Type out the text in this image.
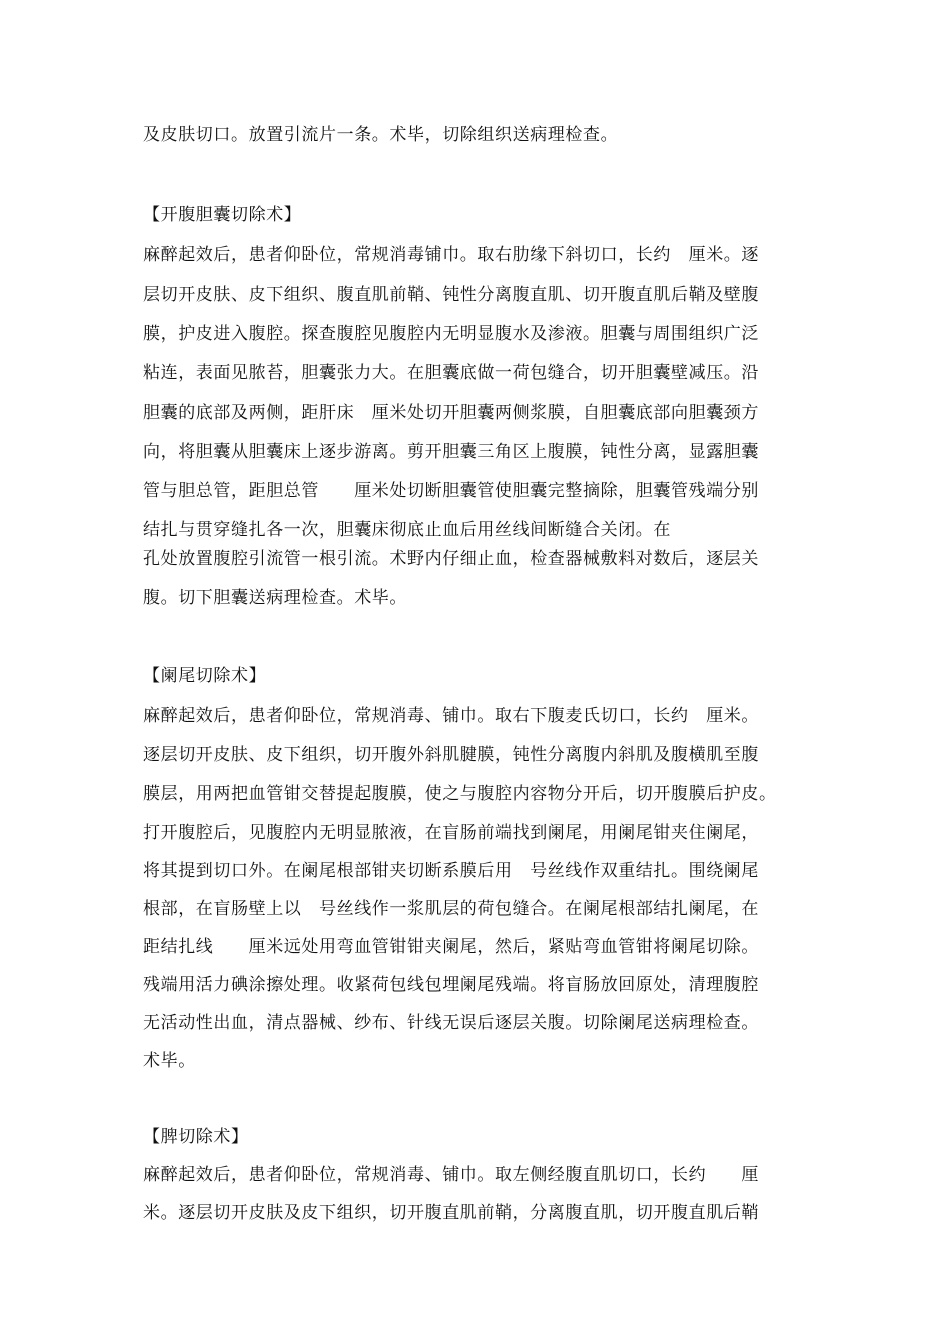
及皮肤切口。放置引流片一条。术毕，切除组织送病理检查。
【开腹胆囊切除术】
麻醉起效后，患者仰卧位，常规消毒铺巾。取右肋缘下斜切口，长约　厘米。逐
层切开皮肤、皮下组织、腹直肌前鞘、钝性分离腹直肌、切开腹直肌后鞘及壁腹
膜，护皮进入腹腔。探查腹腔见腹腔内无明显腹水及渗液。胆囊与周围组织广泛
粘连，表面见脓苔，胆囊张力大。在胆囊底做一荷包缝合，切开胆囊壁减压。沿
胆囊的底部及两侧，距肝床　厘米处切开胆囊两侧浆膜，自胆囊底部向胆囊颈方
向，将胆囊从胆囊床上逐步游离。剪开胆囊三角区上腹膜，钝性分离，显露胆囊
管与胆总管，距胆总管　　厘米处切断胆囊管使胆囊完整摘除，胆囊管残端分别
结扎与贯穿缝扎各一次，胆囊床彻底止血后用丝线间断缝合关闭。在
孔处放置腹腔引流管一根引流。术野内仔细止血，检查器械敷料对数后，逐层关
腹。切下胆囊送病理检查。术毕。
【阑尾切除术】
麻醉起效后，患者仰卧位，常规消毒、铺巾。取右下腹麦氏切口，长约　厘米。
逐层切开皮肤、皮下组织，切开腹外斜肌腱膜，钝性分离腹内斜肌及腹横肌至腹
膜层，用两把血管钳交替提起腹膜，使之与腹腔内容物分开后，切开腹膜后护皮。
打开腹腔后，见腹腔内无明显脓液，在盲肠前端找到阑尾，用阑尾钳夹住阑尾，
将其提到切口外。在阑尾根部钳夹切断系膜后用　号丝线作双重结扎。围绕阑尾
根部，在盲肠壁上以　号丝线作一浆肌层的荷包缝合。在阑尾根部结扎阑尾，在
距结扎线　　厘米远处用弯血管钳钳夹阑尾，然后，紧贴弯血管钳将阑尾切除。
残端用活力碘涂擦处理。收紧荷包线包埋阑尾残端。将盲肠放回原处，清理腹腔
无活动性出血，清点器械、纱布、针线无误后逐层关腹。切除阑尾送病理检查。
术毕。
【脾切除术】
麻醉起效后，患者仰卧位，常规消毒、铺巾。取左侧经腹直肌切口，长约　　厘
米。逐层切开皮肤及皮下组织，切开腹直肌前鞘，分离腹直肌，切开腹直肌后鞘
